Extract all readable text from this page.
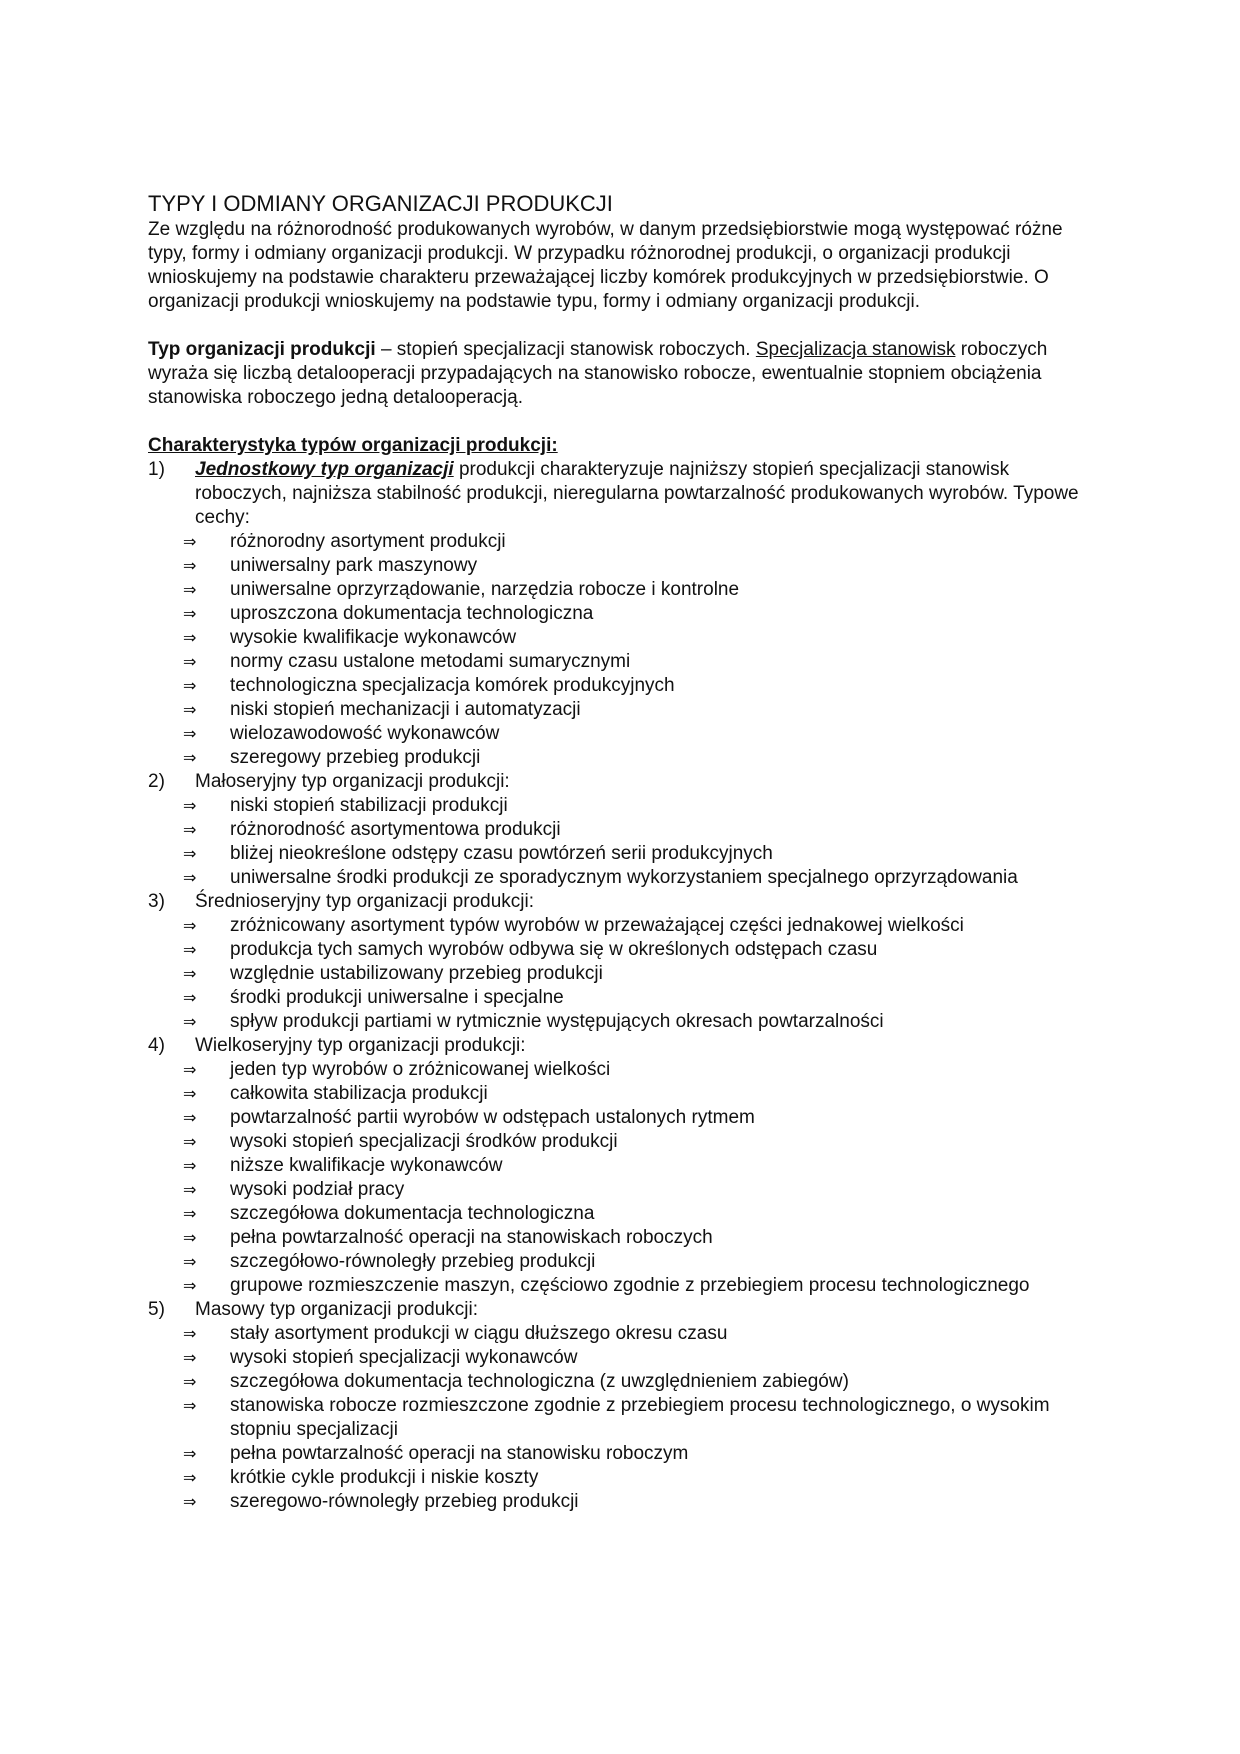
TYPY I ODMIANY ORGANIZACJI PRODUKCJI

Ze względu na różnorodność produkowanych wyrobów, w danym przedsiębiorstwie mogą występować różne typy, formy i odmiany organizacji produkcji. W przypadku różnorodnej produkcji, o organizacji produkcji wnioskujemy na podstawie charakteru przeważającej liczby komórek produkcyjnych w przedsiębiorstwie. O organizacji produkcji wnioskujemy na podstawie typu, formy i odmiany organizacji produkcji.

Typ organizacji produkcji – stopień specjalizacji stanowisk roboczych. Specjalizacja stanowisk roboczych wyraża się liczbą detalooperacji przypadających na stanowisko robocze, ewentualnie stopniem obciążenia stanowiska roboczego jedną detalooperacją.

Charakterystyka typów organizacji produkcji:

1) Jednostkowy typ organizacji produkcji charakteryzuje najniższy stopień specjalizacji stanowisk roboczych, najniższa stabilność produkcji, nieregularna powtarzalność produkowanych wyrobów. Typowe cechy:
⇒ różnorodny asortyment produkcji
⇒ uniwersalny park maszynowy
⇒ uniwersalne oprzyrządowanie, narzędzia robocze i kontrolne
⇒ uproszczona dokumentacja technologiczna
⇒ wysokie kwalifikacje wykonawców
⇒ normy czasu ustalone metodami sumarycznymi
⇒ technologiczna specjalizacja komórek produkcyjnych
⇒ niski stopień mechanizacji i automatyzacji
⇒ wielozawodowość wykonawców
⇒ szeregowy przebieg produkcji
2) Małoseryjny typ organizacji produkcji:
⇒ niski stopień stabilizacji produkcji
⇒ różnorodność asortymentowa produkcji
⇒ bliżej nieokreślone odstępy czasu powtórzeń serii produkcyjnych
⇒ uniwersalne środki produkcji ze sporadycznym wykorzystaniem specjalnego oprzyrządowania
3) Średnioseryjny typ organizacji produkcji:
⇒ zróżnicowany asortyment typów wyrobów w przeważającej części jednakowej wielkości
⇒ produkcja tych samych wyrobów odbywa się w określonych odstępach czasu
⇒ względnie ustabilizowany przebieg produkcji
⇒ środki produkcji uniwersalne i specjalne
⇒ spływ produkcji partiami w rytmicznie występujących okresach powtarzalności
4) Wielkoseryjny typ organizacji produkcji:
⇒ jeden typ wyrobów o zróżnicowanej wielkości
⇒ całkowita stabilizacja produkcji
⇒ powtarzalność partii wyrobów w odstępach ustalonych rytmem
⇒ wysoki stopień specjalizacji środków produkcji
⇒ niższe kwalifikacje wykonawców
⇒ wysoki podział pracy
⇒ szczegółowa dokumentacja technologiczna
⇒ pełna powtarzalność operacji na stanowiskach roboczych
⇒ szczegółowo-równoległy przebieg produkcji
⇒ grupowe rozmieszczenie maszyn, częściowo zgodnie z przebiegiem procesu technologicznego
5) Masowy typ organizacji produkcji:
⇒ stały asortyment produkcji w ciągu dłuższego okresu czasu
⇒ wysoki stopień specjalizacji wykonawców
⇒ szczegółowa dokumentacja technologiczna (z uwzględnieniem zabiegów)
⇒ stanowiska robocze rozmieszczone zgodnie z przebiegiem procesu technologicznego, o wysokim stopniu specjalizacji
⇒ pełna powtarzalność operacji na stanowisku roboczym
⇒ krótkie cykle produkcji i niskie koszty
⇒ szeregowo-równoległy przebieg produkcji
